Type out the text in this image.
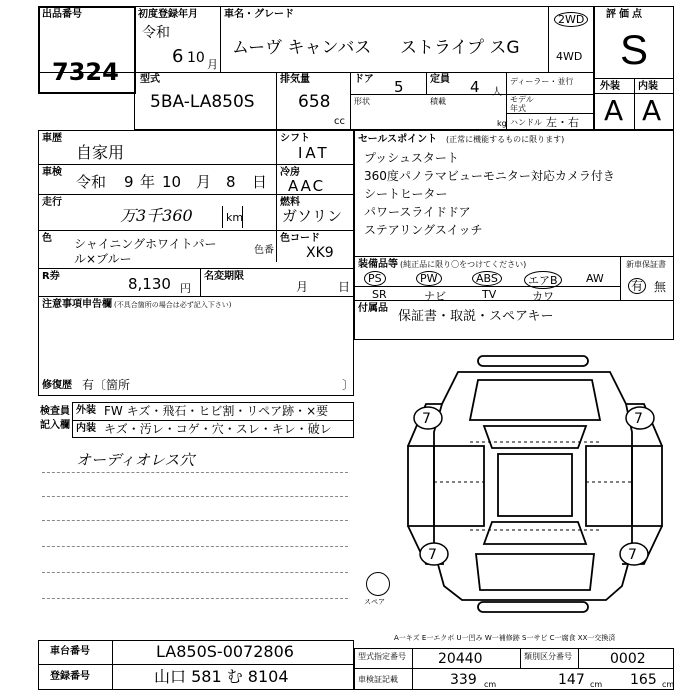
出品番号
7324
初度登録年月
令和
6 10 月
車名・グレード
ムーヴ キャンバス ストライプ スG
2WD
4WD
評価点
S
外装 内装
A A
型式
5BA-LA850S
排気量
658
cc
ドア 5	定員 4 人
ディーラー・並行
モデル年式
形状	積載
kg ハンドル 左・右
車歴
自家用
シフト
IAT
車検
令和 9 年 10 月 8 日
冷房
AAC
走行
万3千360	km
燃料
ガソリン
色 シャイニングホワイトパー
ル×ブルー
色番
色コード
XK9
R券	8,130 円
名変期限
月 日
注意事項申告欄 (不具合箇所の場合は必ず記入下さい)
修復歴 有〔箇所	〕
検査員
記入欄
外装 FW キズ・飛石・ヒビ割・リペア跡・×要
内装 キズ・汚レ・コゲ・穴・スレ・キレ・破レ
オーディオレス穴
セールスポイント (正常に機能するものに限ります)
プッシュスタート
360度パノラマビューモニター対応カメラ付き
シートヒーター
パワースライドドア
ステアリングスイッチ
装備品等 (純正品に限り〇をつけてください)	新車保証書
有 無
PS	PW	ABS	エアB	AW
SR	ナビ	TV	カワ
付属品
保証書・取説・スペアキー
7	7
7	7
スペア
A一キズ E一エクボ U一凹み W一補修跡 S一サビ C一腐食 XX一交換済
車台番号	LA850S-0072806
登録番号	山口 581 む 8104
型式指定番号 20440	類別区分番号	0002
車検証記載	339 cm	147 cm 165 cm
